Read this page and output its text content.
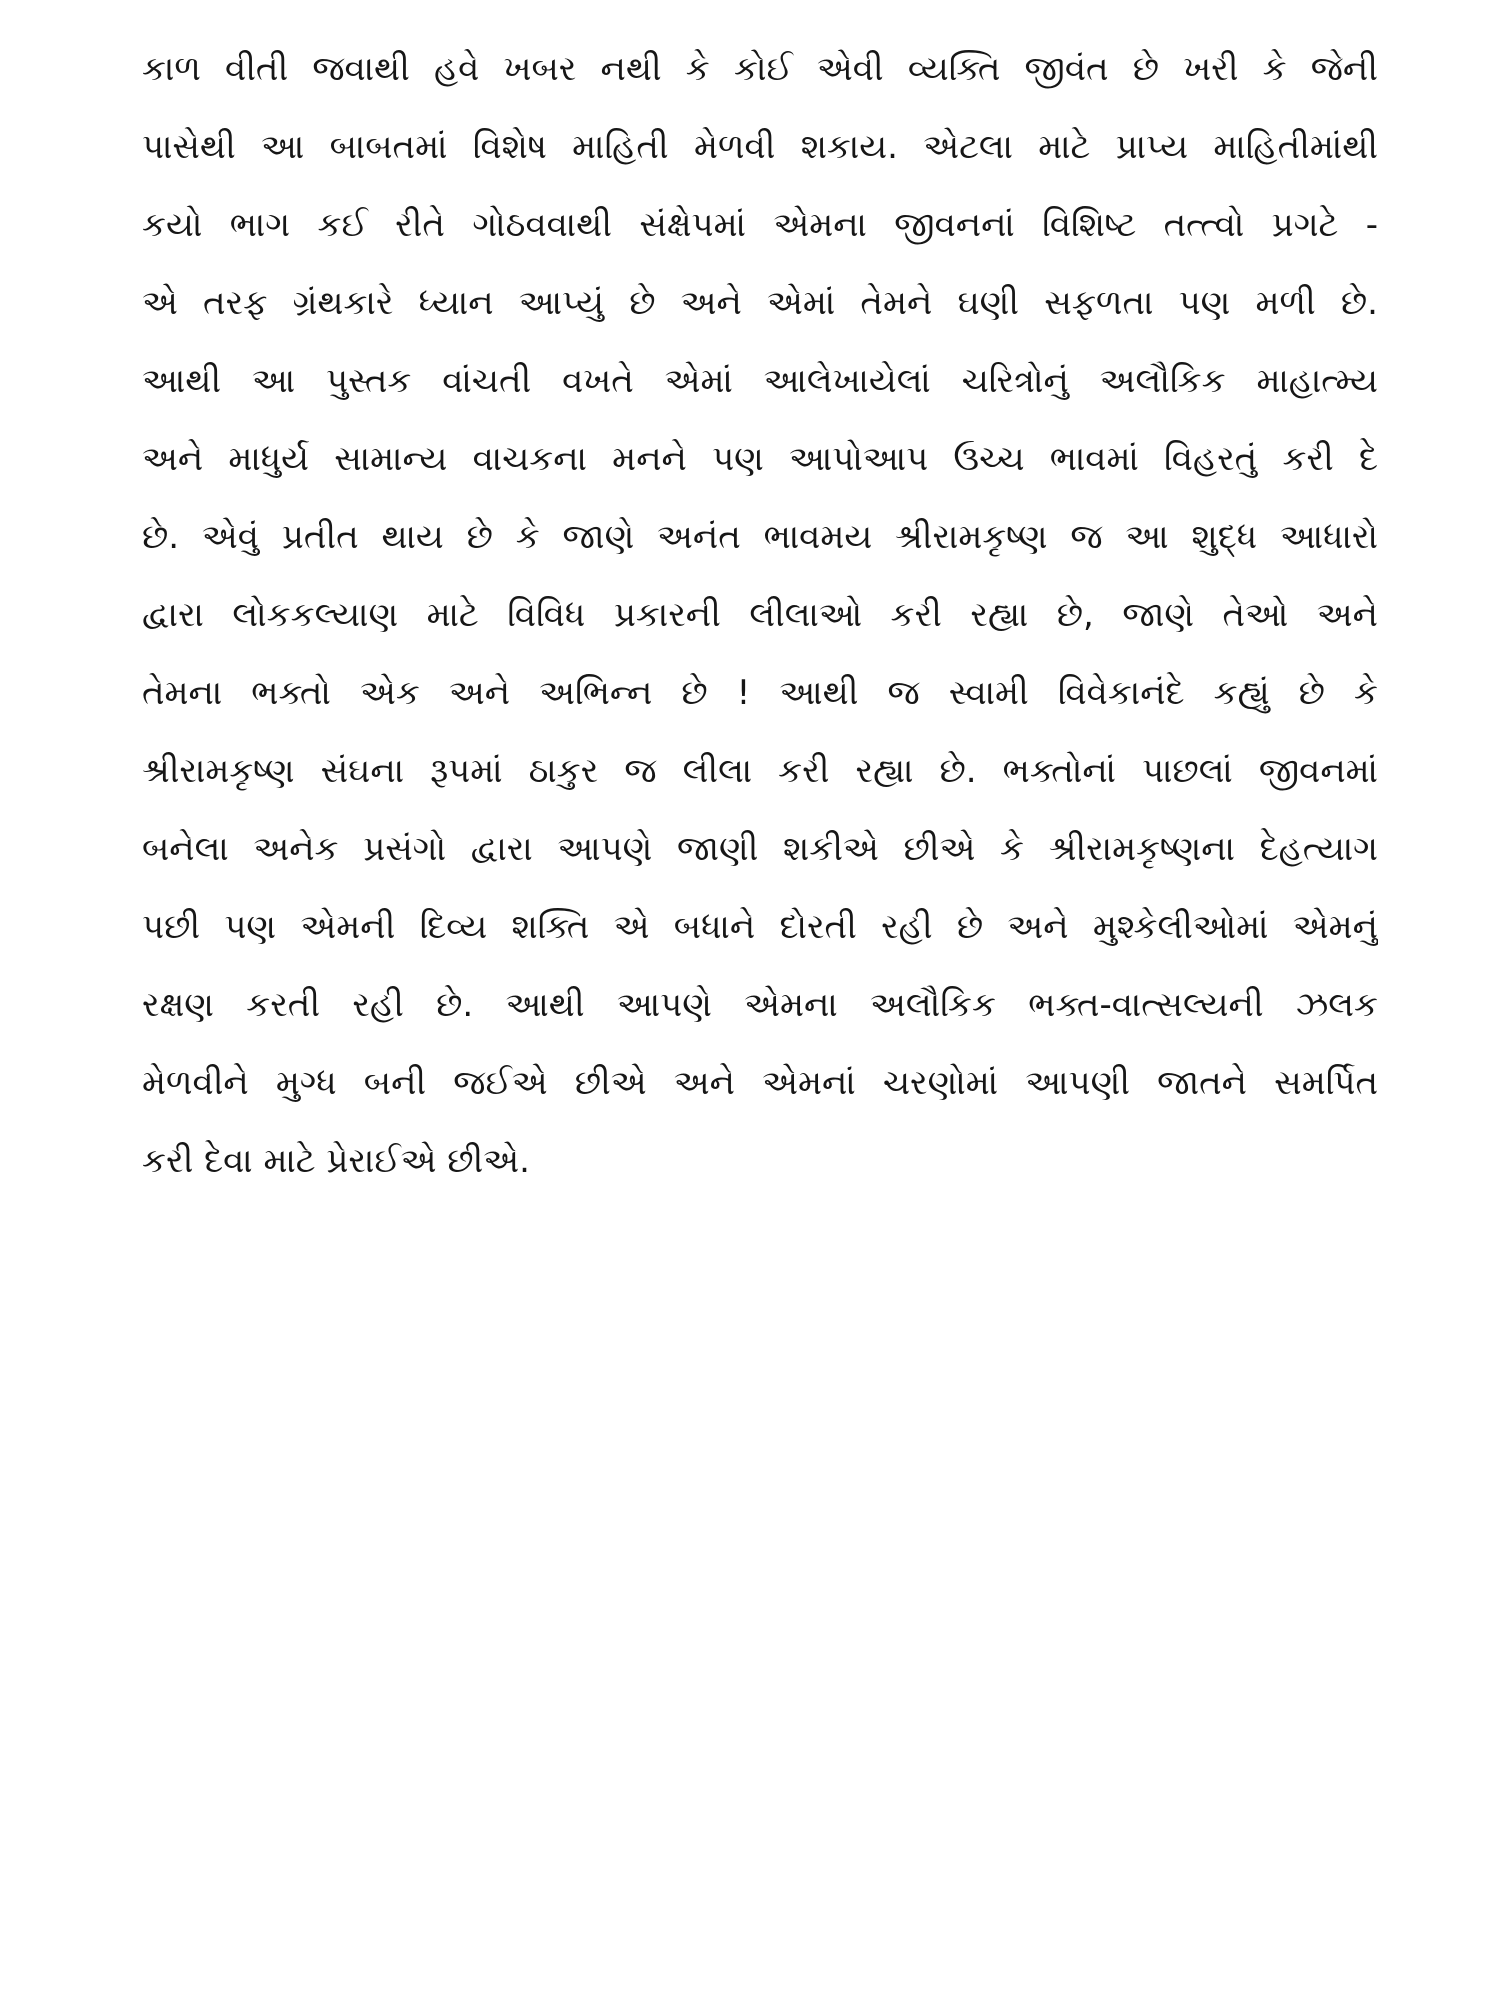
કાળ વીતી જવાથી હવે ખબર નથી કે કોઈ એવી વ્યક્તિ જીવંત છે ખરી કે જેની
પાસેથી આ બાબતમાં વિશેષ માહિતી મેળવી શકાય. એટલા માટે પ્રાપ્ય માહિતીમાંથી
કયો ભાગ કઈ રીતે ગોઠવવાથી સંક્ષેપમાં એમના જીવનનાં વિશિષ્ટ તત્ત્વો પ્રગટે -
એ તરફ ગ્રંથકારે ધ્યાન આપ્યું છે અને એમાં તેમને ઘણી સફળતા પણ મળી છે.
આથી આ પુસ્તક વાંચતી વખતે એમાં આલેખાયેલાં ચરિત્રોનું અલૌકિક માહાત્મ્ય
અને માધુર્ય સામાન્ય વાચકના મનને પણ આપોઆપ ઉચ્ચ ભાવમાં વિહરતું કરી દે
છે. એવું પ્રતીત થાય છે કે જાણે અનંત ભાવમય શ્રીરામકૃષ્ણ જ આ શુદ્ધ આધારો
દ્વારા લોકકલ્યાણ માટે વિવિધ પ્રકારની લીલાઓ કરી રહ્યા છે, જાણે તેઓ અને
તેમના ભક્તો એક અને અભિન્ન છે ! આથી જ સ્વામી વિવેકાનંદે કહ્યું છે કે
શ્રીરામકૃષ્ણ સંઘના રૂપમાં ઠાકુર જ લીલા કરી રહ્યા છે. ભક્તોનાં પાછલાં જીવનમાં
બનેલા અનેક પ્રસંગો દ્વારા આપણે જાણી શકીએ છીએ કે શ્રીરામકૃષ્ણના દેહત્યાગ
પછી પણ એમની દિવ્ય શક્તિ એ બધાને દોરતી રહી છે અને મુશ્કેલીઓમાં એમનું
રક્ષણ કરતી રહી છે. આથી આપણે એમના અલૌકિક ભક્ત-વાત્સલ્યની ઝલક
મેળવીને મુગ્ધ બની જઈએ છીએ અને એમનાં ચરણોમાં આપણી જાતને સમર્પિત
કરી દેવા માટે પ્રેરાઈએ છીએ.
